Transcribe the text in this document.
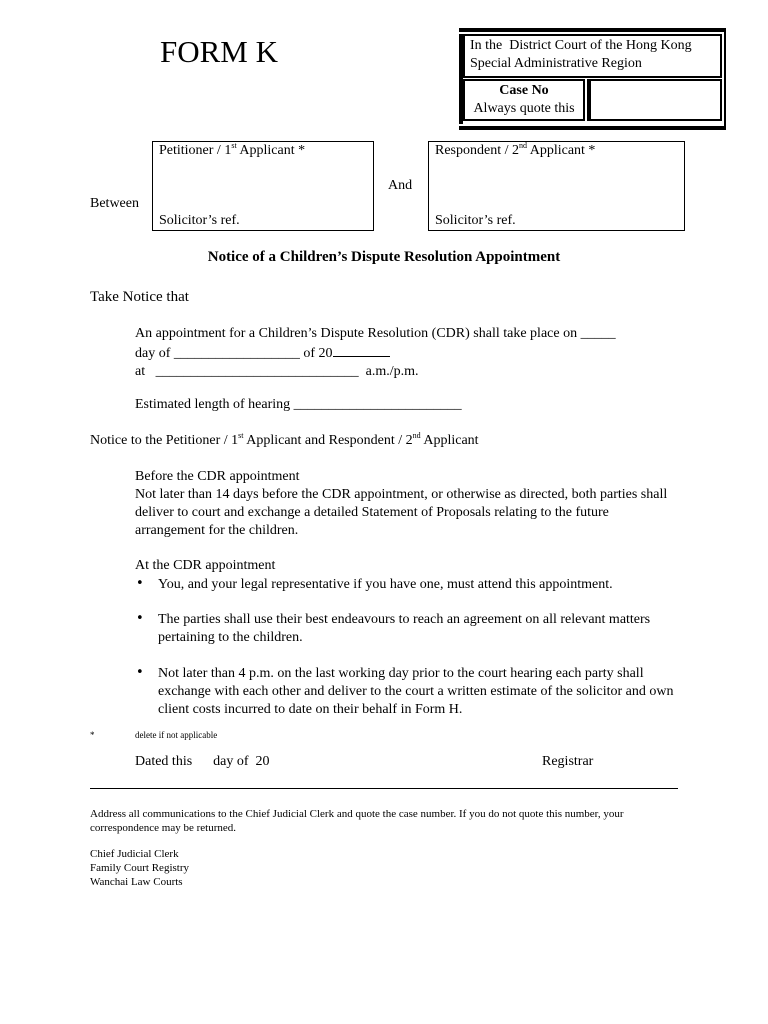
FORM K	In the  District Court of the Hong Kong
Special Administrative Region
Case No
Always quote this
Between
And
Petitioner / 1st Applicant *
Solicitor’s ref.
Respondent / 2nd Applicant *
Solicitor’s ref.
Notice of a Children’s Dispute Resolution Appointment
Take Notice that
An appointment for a Children’s Dispute Resolution (CDR) shall take place on _____
day of __________________ of 20
at _____________________________ a.m./p.m.
Estimated length of hearing ________________________
Notice to the Petitioner / 1st Applicant and Respondent / 2nd Applicant
Before the CDR appointment
Not later than 14 days before the CDR appointment, or otherwise as directed, both parties shall deliver to court and exchange a detailed Statement of Proposals relating to the future arrangement for the children.
At the CDR appointment
• You, and your legal representative if you have one, must attend this appointment.
• The parties shall use their best endeavours to reach an agreement on all relevant matters pertaining to the children.
• Not later than 4 p.m. on the last working day prior to the court hearing each party shall exchange with each other and deliver to the court a written estimate of the solicitor and own client costs incurred to date on their behalf in Form H.
*	delete if not applicable
Dated this      day of  20	Registrar
Address all communications to the Chief Judicial Clerk and quote the case number. If you do not quote this number, your correspondence may be returned.
Chief Judicial Clerk
Family Court Registry
Wanchai Law Courts
